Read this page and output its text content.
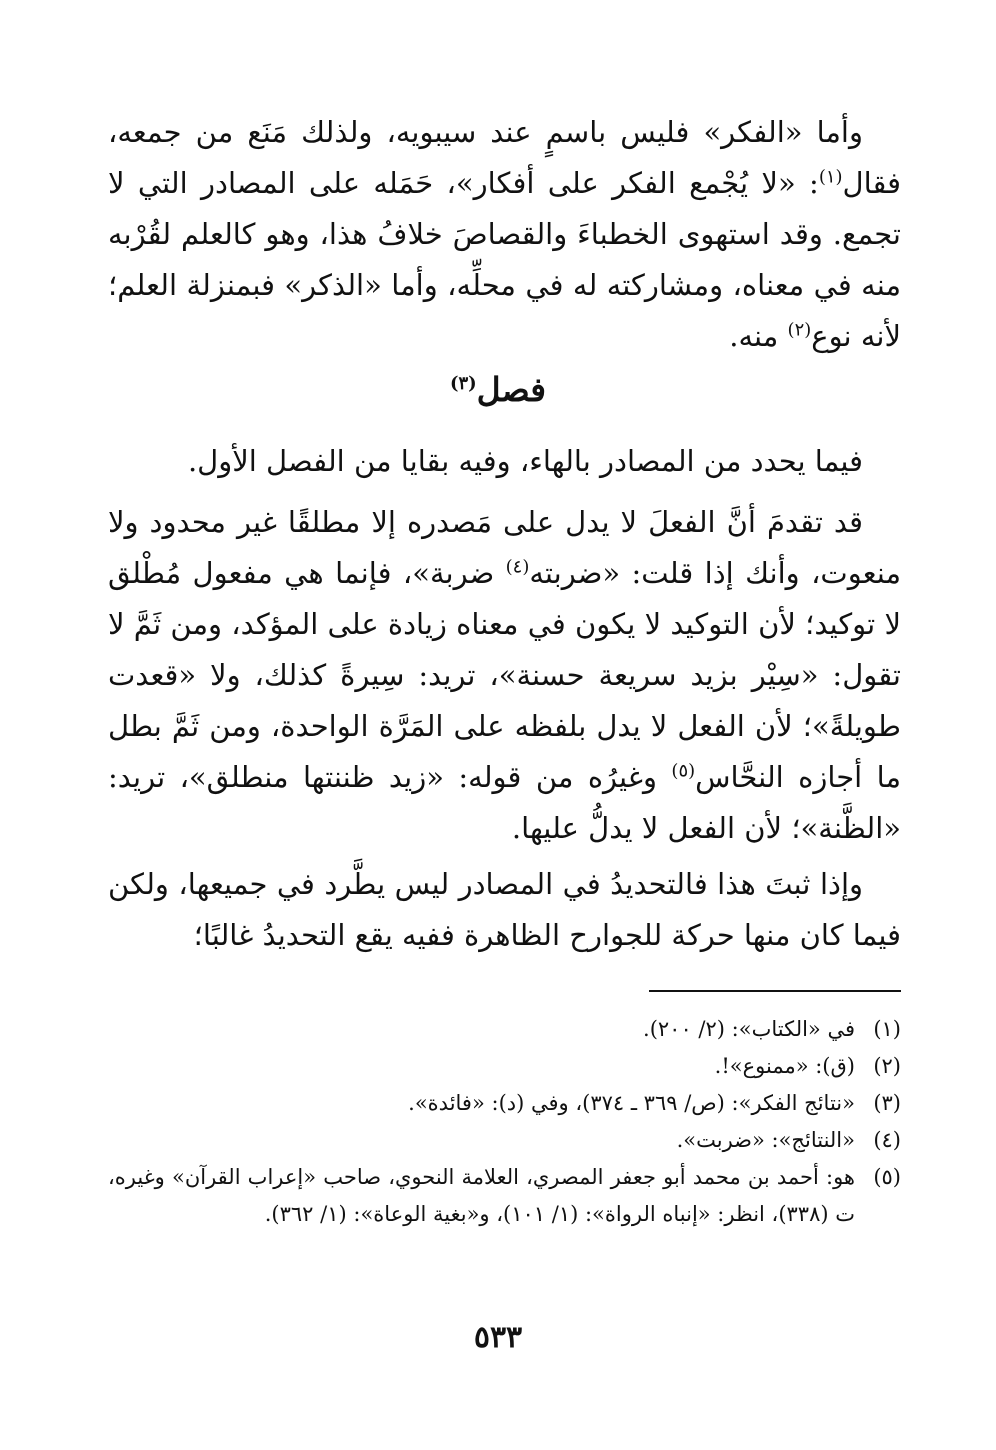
وأما «الفكر» فليس باسمٍ عند سيبويه، ولذلك مَنَع من جمعه، فقال$^{(١)}$: «لا يُجْمع الفكر على أفكار»، حَمَله على المصادر التي لا تجمع. وقد استهوى الخطباءَ والقصاصَ خلافُ هذا، وهو كالعلم لقُرْبه منه في معناه، ومشاركته له في محلِّه، وأما «الذكر» فبمنزلة العلم؛ لأنه نوع$^{(٢)}$ منه.

فصل$^{(٣)}$

فيما يحدد من المصادر بالهاء، وفيه بقايا من الفصل الأول.

قد تقدمَ أنَّ الفعلَ لا يدل على مَصدره إلا مطلقًا غير محدود ولا منعوت، وأنك إذا قلت: «ضربته$^{(٤)}$ ضربة»، فإنما هي مفعول مُطْلق لا توكيد؛ لأن التوكيد لا يكون في معناه زيادة على المؤكد، ومن ثَمَّ لا تقول: «سِيْر بزيد سريعة حسنة»، تريد: سِيرةً كذلك، ولا «قعدت طويلةً»؛ لأن الفعل لا يدل بلفظه على المَرَّة الواحدة، ومن ثَمَّ بطل ما أجازه النحَّاس$^{(٥)}$ وغيرُه من قوله: «زيد ظننتها منطلق»، تريد: «الظَّنة»؛ لأن الفعل لا يدلُّ عليها.

وإذا ثبتَ هذا فالتحديدُ في المصادر ليس يطَّرد في جميعها، ولكن فيما كان منها حركة للجوارح الظاهرة ففيه يقع التحديدُ غالبًا؛

(١)
في «الكتاب»: (٢/ ٢٠٠).
(٢)
(ق): «ممنوع»!.
(٣)
«نتائج الفكر»: (ص/ ٣٦٩ ـ ٣٧٤)، وفي (د): «فائدة».
(٤)
«النتائج»: «ضربت».
(٥)
هو: أحمد بن محمد أبو جعفر المصري، العلامة النحوي، صاحب «إعراب القرآن» وغيره، ت (٣٣٨)، انظر: «إنباه الرواة»: (١/ ١٠١)، و«بغية الوعاة»: (١/ ٣٦٢).
٥٣٣
